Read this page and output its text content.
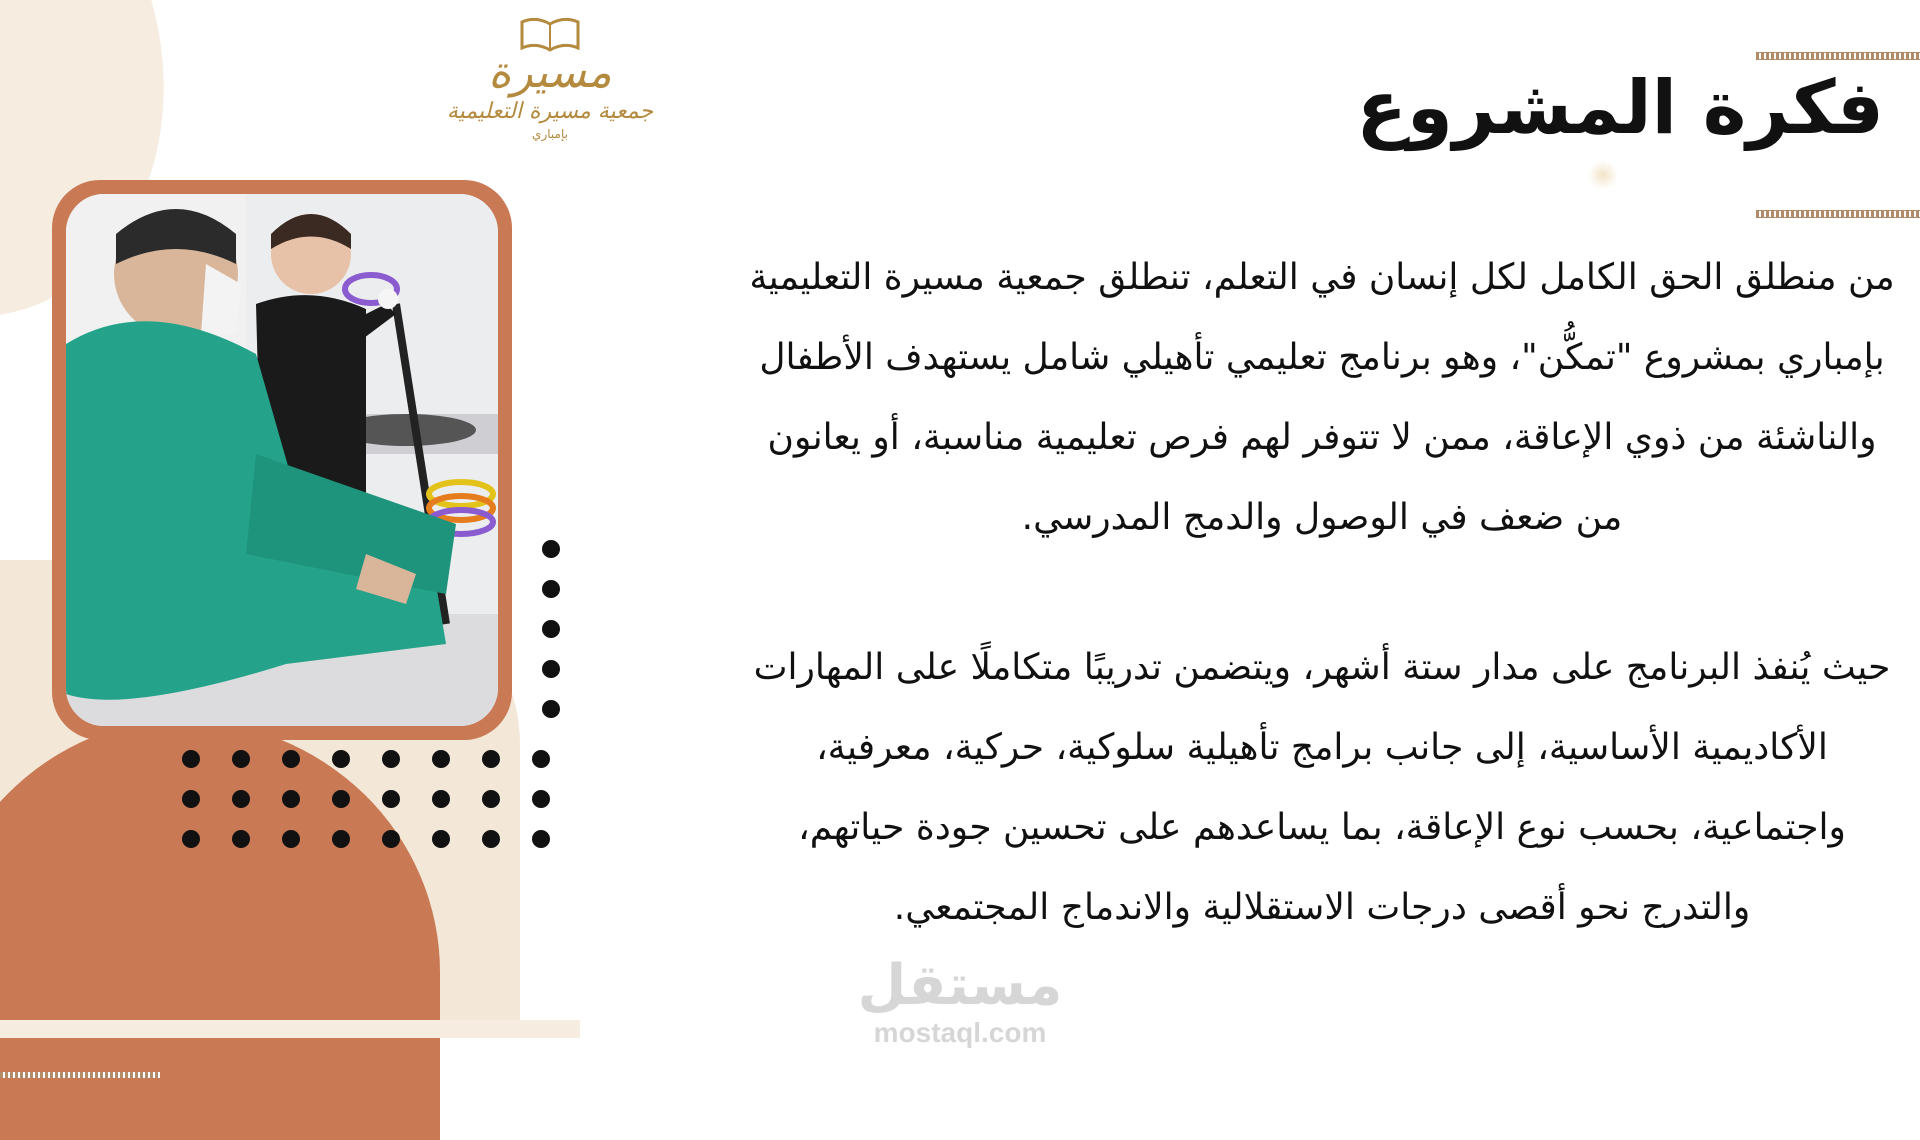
مسيرة
جمعية مسيرة التعليمية
بإمباري	فكرة المشروع

من منطلق الحق الكامل لكل إنسان في التعلم، تنطلق جمعية مسيرة التعليمية بإمباري بمشروع "تمكُّن"، وهو برنامج تعليمي تأهيلي شامل يستهدف الأطفال والناشئة من ذوي الإعاقة، ممن لا تتوفر لهم فرص تعليمية مناسبة، أو يعانون من ضعف في الوصول والدمج المدرسي.

حيث يُنفذ البرنامج على مدار ستة أشهر، ويتضمن تدريبًا متكاملًا على المهارات الأكاديمية الأساسية، إلى جانب برامج تأهيلية سلوكية، حركية، معرفية، واجتماعية، بحسب نوع الإعاقة، بما يساعدهم على تحسين جودة حياتهم، والتدرج نحو أقصى درجات الاستقلالية والاندماج المجتمعي.

مستقل
mostaql.com
